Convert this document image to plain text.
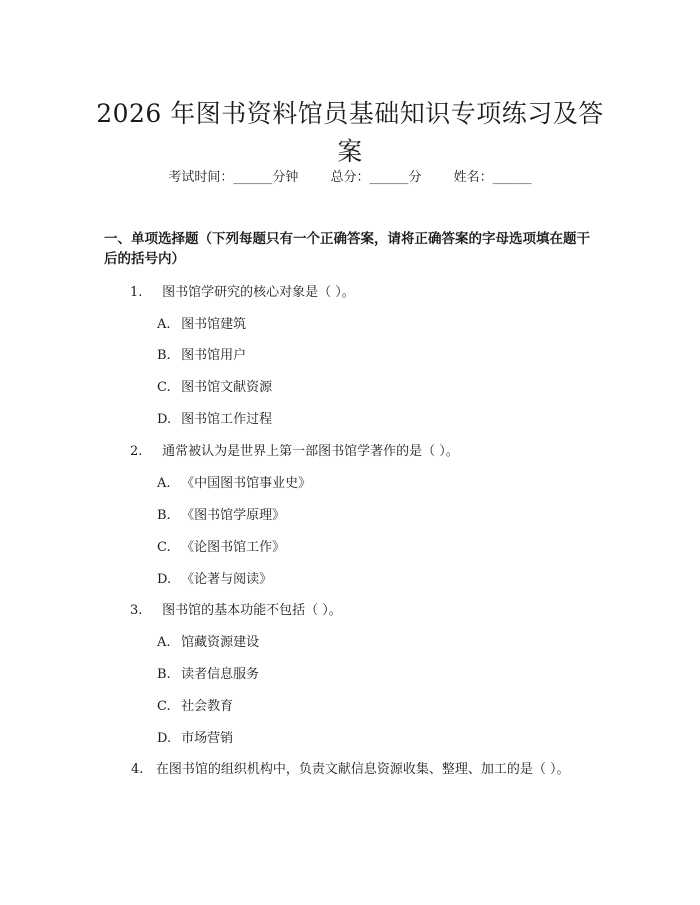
2026 年图书资料馆员基础知识专项练习及答案
考试时间：______分钟 总分：______分 姓名：______
一、单项选择题（下列每题只有一个正确答案，请将正确答案的字母选项填在题干后的括号内）
1. 图书馆学研究的核心对象是（ ）。
A. 图书馆建筑
B. 图书馆用户
C. 图书馆文献资源
D. 图书馆工作过程
2. 通常被认为是世界上第一部图书馆学著作的是（ ）。
A. 《中国图书馆事业史》
B. 《图书馆学原理》
C. 《论图书馆工作》
D. 《论著与阅读》
3. 图书馆的基本功能不包括（ ）。
A. 馆藏资源建设
B. 读者信息服务
C. 社会教育
D. 市场营销
4. 在图书馆的组织机构中，负责文献信息资源收集、整理、加工的是（ ）。
